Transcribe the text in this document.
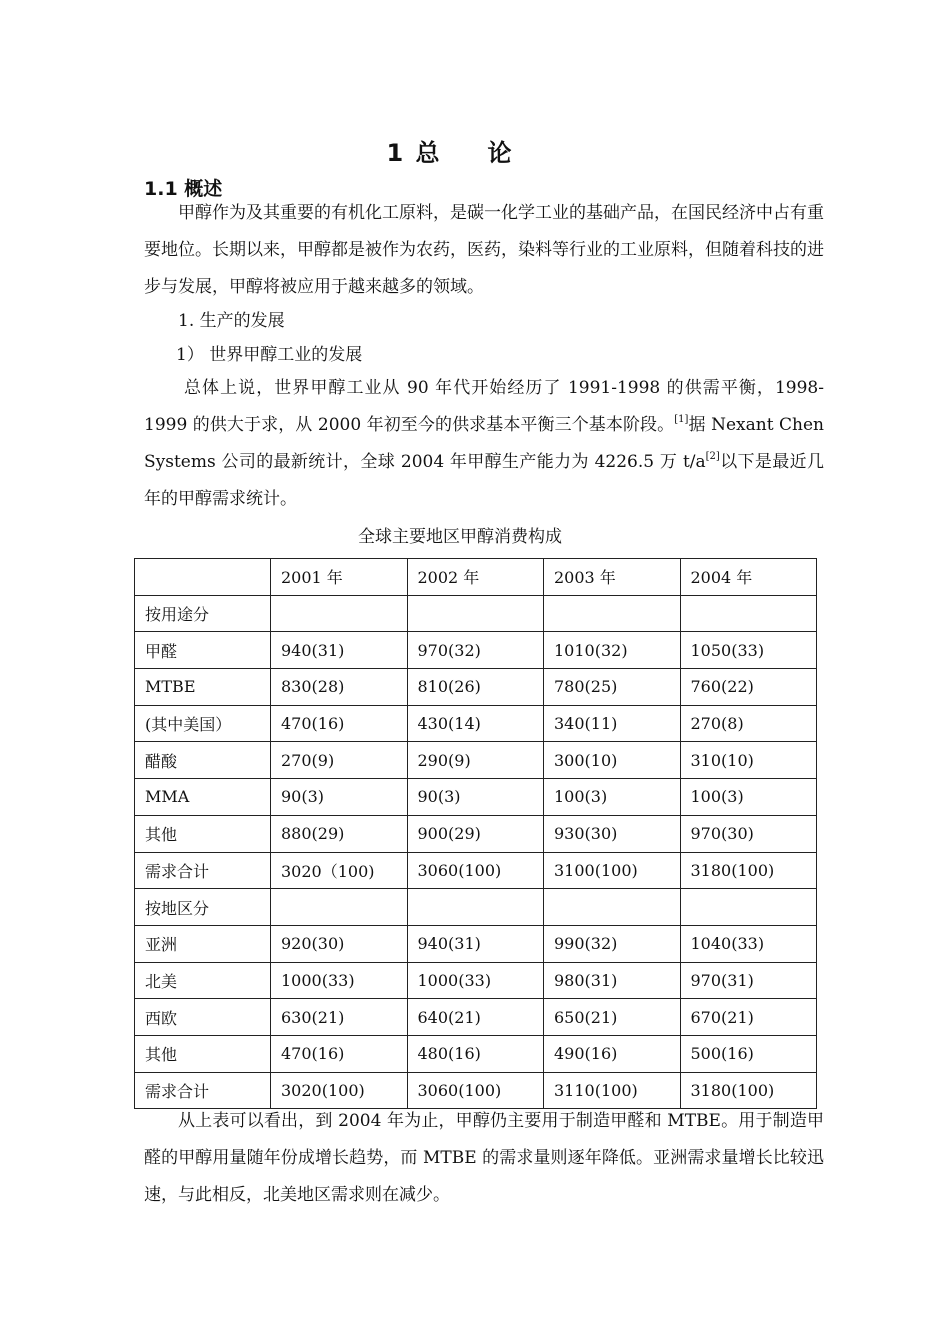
1 总 论
1.1 概述
甲醇作为及其重要的有机化工原料，是碳一化学工业的基础产品，在国民经济中占有重要地位。长期以来，甲醇都是被作为农药，医药，染料等行业的工业原料，但随着科技的进步与发展，甲醇将被应用于越来越多的领域。
1. 生产的发展
1） 世界甲醇工业的发展
总体上说，世界甲醇工业从 90 年代开始经历了 1991-1998 的供需平衡，1998-1999 的供大于求，从 2000 年初至今的供求基本平衡三个基本阶段。[1]据 Nexant Chen Systems 公司的最新统计，全球 2004 年甲醇生产能力为 4226.5 万 t/a[2]以下是最近几年的甲醇需求统计。
全球主要地区甲醇消费构成
	2001 年	2002 年	2003 年	2004 年
按用途分				
甲醛	940(31)	970(32)	1010(32)	1050(33)
MTBE	830(28)	810(26)	780(25)	760(22)
(其中美国）	470(16)	430(14)	340(11)	270(8)
醋酸	270(9)	290(9)	300(10)	310(10)
MMA	90(3)	90(3)	100(3)	100(3)
其他	880(29)	900(29)	930(30)	970(30)
需求合计	3020（100)	3060(100)	3100(100)	3180(100)
按地区分				
亚洲	920(30)	940(31)	990(32)	1040(33)
北美	1000(33)	1000(33)	980(31)	970(31)
西欧	630(21)	640(21)	650(21)	670(21)
其他	470(16)	480(16)	490(16)	500(16)
需求合计	3020(100)	3060(100)	3110(100)	3180(100)
从上表可以看出，到 2004 年为止，甲醇仍主要用于制造甲醛和 MTBE。用于制造甲醛的甲醇用量随年份成增长趋势，而 MTBE 的需求量则逐年降低。亚洲需求量增长比较迅速，与此相反，北美地区需求则在减少。
